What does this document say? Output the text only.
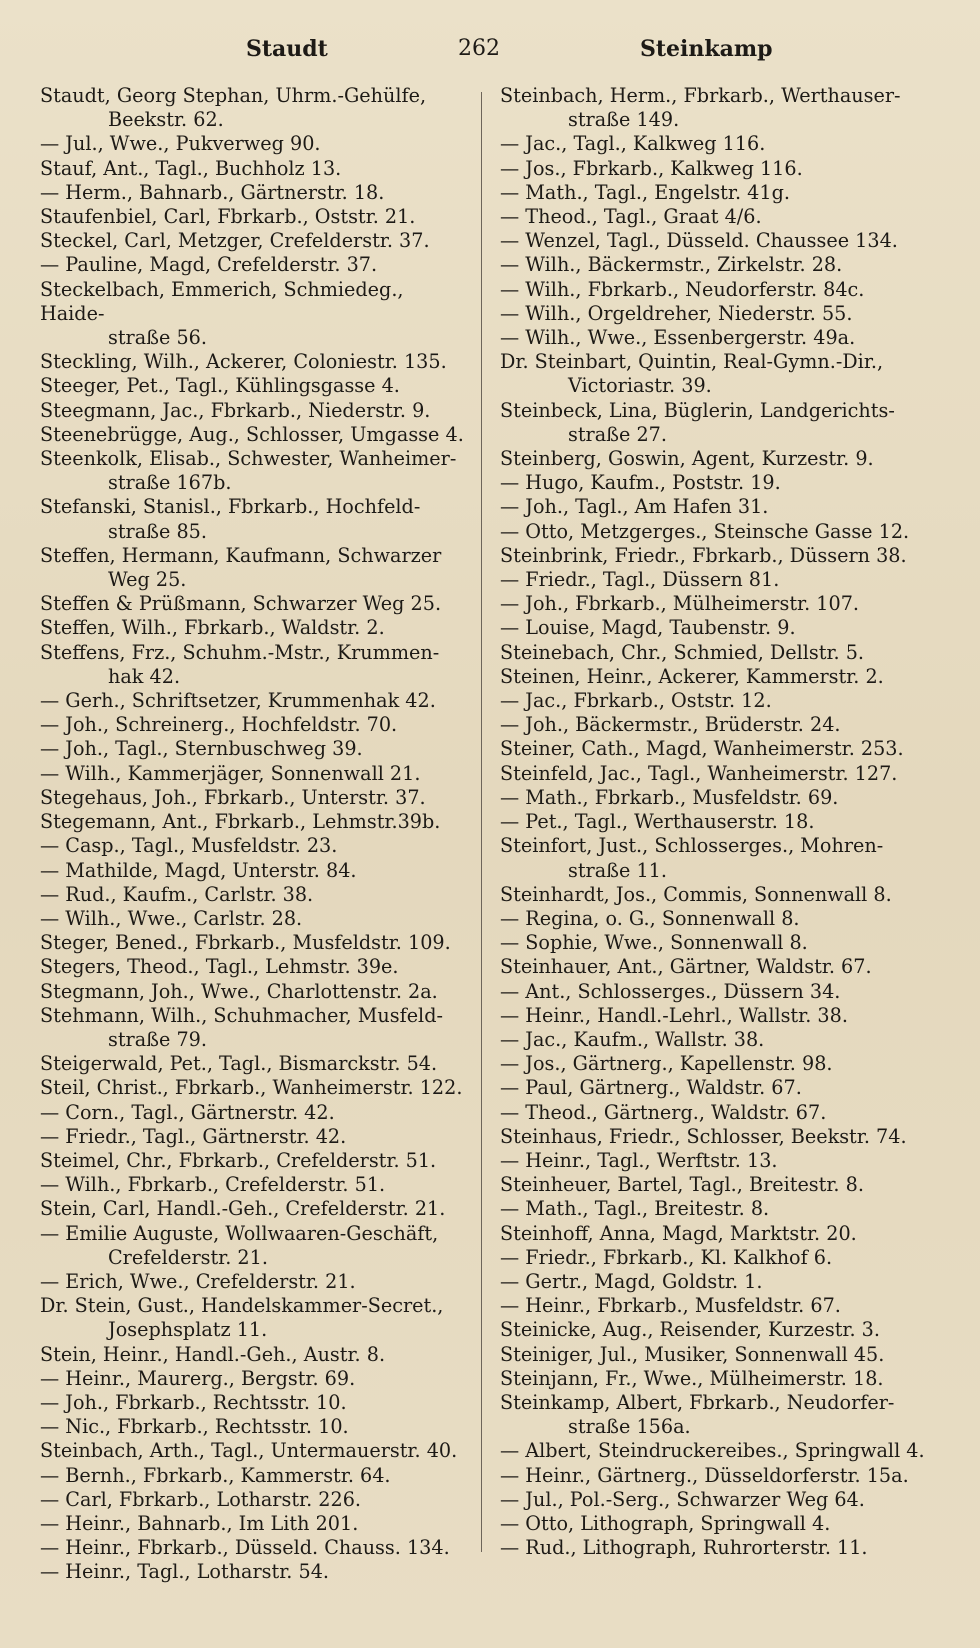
Staudt	262	Steinkamp
Staudt, Georg Stephan, Uhrm.-Gehülfe,
Beekstr. 62.
— Jul., Wwe., Pukverweg 90.
Stauf, Ant., Tagl., Buchholz 13.
— Herm., Bahnarb., Gärtnerstr. 18.
Staufenbiel, Carl, Fbrkarb., Oststr. 21.
Steckel, Carl, Metzger, Crefelderstr. 37.
— Pauline, Magd, Crefelderstr. 37.
Steckelbach, Emmerich, Schmiedeg., Haide-
straße 56.
Steckling, Wilh., Ackerer, Coloniestr. 135.
Steeger, Pet., Tagl., Kühlingsgasse 4.
Steegmann, Jac., Fbrkarb., Niederstr. 9.
Steenebrügge, Aug., Schlosser, Umgasse 4.
Steenkolk, Elisab., Schwester, Wanheimer-
straße 167b.
Stefanski, Stanisl., Fbrkarb., Hochfeld-
straße 85.
Steffen, Hermann, Kaufmann, Schwarzer
Weg 25.
Steffen & Prüßmann, Schwarzer Weg 25.
Steffen, Wilh., Fbrkarb., Waldstr. 2.
Steffens, Frz., Schuhm.-Mstr., Krummen-
hak 42.
— Gerh., Schriftsetzer, Krummenhak 42.
— Joh., Schreinerg., Hochfeldstr. 70.
— Joh., Tagl., Sternbuschweg 39.
— Wilh., Kammerjäger, Sonnenwall 21.
Stegehaus, Joh., Fbrkarb., Unterstr. 37.
Stegemann, Ant., Fbrkarb., Lehmstr.39b.
— Casp., Tagl., Musfeldstr. 23.
— Mathilde, Magd, Unterstr. 84.
— Rud., Kaufm., Carlstr. 38.
— Wilh., Wwe., Carlstr. 28.
Steger, Bened., Fbrkarb., Musfeldstr. 109.
Stegers, Theod., Tagl., Lehmstr. 39e.
Stegmann, Joh., Wwe., Charlottenstr. 2a.
Stehmann, Wilh., Schuhmacher, Musfeld-
straße 79.
Steigerwald, Pet., Tagl., Bismarckstr. 54.
Steil, Christ., Fbrkarb., Wanheimerstr. 122.
— Corn., Tagl., Gärtnerstr. 42.
— Friedr., Tagl., Gärtnerstr. 42.
Steimel, Chr., Fbrkarb., Crefelderstr. 51.
— Wilh., Fbrkarb., Crefelderstr. 51.
Stein, Carl, Handl.-Geh., Crefelderstr. 21.
— Emilie Auguste, Wollwaaren-Geschäft,
Crefelderstr. 21.
— Erich, Wwe., Crefelderstr. 21.
Dr. Stein, Gust., Handelskammer-Secret.,
Josephsplatz 11.
Stein, Heinr., Handl.-Geh., Austr. 8.
— Heinr., Maurerg., Bergstr. 69.
— Joh., Fbrkarb., Rechtsstr. 10.
— Nic., Fbrkarb., Rechtsstr. 10.
Steinbach, Arth., Tagl., Untermauerstr. 40.
— Bernh., Fbrkarb., Kammerstr. 64.
— Carl, Fbrkarb., Lotharstr. 226.
— Heinr., Bahnarb., Im Lith 201.
— Heinr., Fbrkarb., Düsseld. Chauss. 134.
— Heinr., Tagl., Lotharstr. 54.
Steinbach, Herm., Fbrkarb., Werthauser-
straße 149.
— Jac., Tagl., Kalkweg 116.
— Jos., Fbrkarb., Kalkweg 116.
— Math., Tagl., Engelstr. 41g.
— Theod., Tagl., Graat 4/6.
— Wenzel, Tagl., Düsseld. Chaussee 134.
— Wilh., Bäckermstr., Zirkelstr. 28.
— Wilh., Fbrkarb., Neudorferstr. 84c.
— Wilh., Orgeldreher, Niederstr. 55.
— Wilh., Wwe., Essenbergerstr. 49a.
Dr. Steinbart, Quintin, Real-Gymn.-Dir.,
Victoriastr. 39.
Steinbeck, Lina, Büglerin, Landgerichts-
straße 27.
Steinberg, Goswin, Agent, Kurzestr. 9.
— Hugo, Kaufm., Poststr. 19.
— Joh., Tagl., Am Hafen 31.
— Otto, Metzgerges., Steinsche Gasse 12.
Steinbrink, Friedr., Fbrkarb., Düssern 38.
— Friedr., Tagl., Düssern 81.
— Joh., Fbrkarb., Mülheimerstr. 107.
— Louise, Magd, Taubenstr. 9.
Steinebach, Chr., Schmied, Dellstr. 5.
Steinen, Heinr., Ackerer, Kammerstr. 2.
— Jac., Fbrkarb., Oststr. 12.
— Joh., Bäckermstr., Brüderstr. 24.
Steiner, Cath., Magd, Wanheimerstr. 253.
Steinfeld, Jac., Tagl., Wanheimerstr. 127.
— Math., Fbrkarb., Musfeldstr. 69.
— Pet., Tagl., Werthauserstr. 18.
Steinfort, Just., Schlosserges., Mohren-
straße 11.
Steinhardt, Jos., Commis, Sonnenwall 8.
— Regina, o. G., Sonnenwall 8.
— Sophie, Wwe., Sonnenwall 8.
Steinhauer, Ant., Gärtner, Waldstr. 67.
— Ant., Schlosserges., Düssern 34.
— Heinr., Handl.-Lehrl., Wallstr. 38.
— Jac., Kaufm., Wallstr. 38.
— Jos., Gärtnerg., Kapellenstr. 98.
— Paul, Gärtnerg., Waldstr. 67.
— Theod., Gärtnerg., Waldstr. 67.
Steinhaus, Friedr., Schlosser, Beekstr. 74.
— Heinr., Tagl., Werftstr. 13.
Steinheuer, Bartel, Tagl., Breitestr. 8.
— Math., Tagl., Breitestr. 8.
Steinhoff, Anna, Magd, Marktstr. 20.
— Friedr., Fbrkarb., Kl. Kalkhof 6.
— Gertr., Magd, Goldstr. 1.
— Heinr., Fbrkarb., Musfeldstr. 67.
Steinicke, Aug., Reisender, Kurzestr. 3.
Steiniger, Jul., Musiker, Sonnenwall 45.
Steinjann, Fr., Wwe., Mülheimerstr. 18.
Steinkamp, Albert, Fbrkarb., Neudorfer-
straße 156a.
— Albert, Steindruckereibes., Springwall 4.
— Heinr., Gärtnerg., Düsseldorferstr. 15a.
— Jul., Pol.-Serg., Schwarzer Weg 64.
— Otto, Lithograph, Springwall 4.
— Rud., Lithograph, Ruhrorterstr. 11.
